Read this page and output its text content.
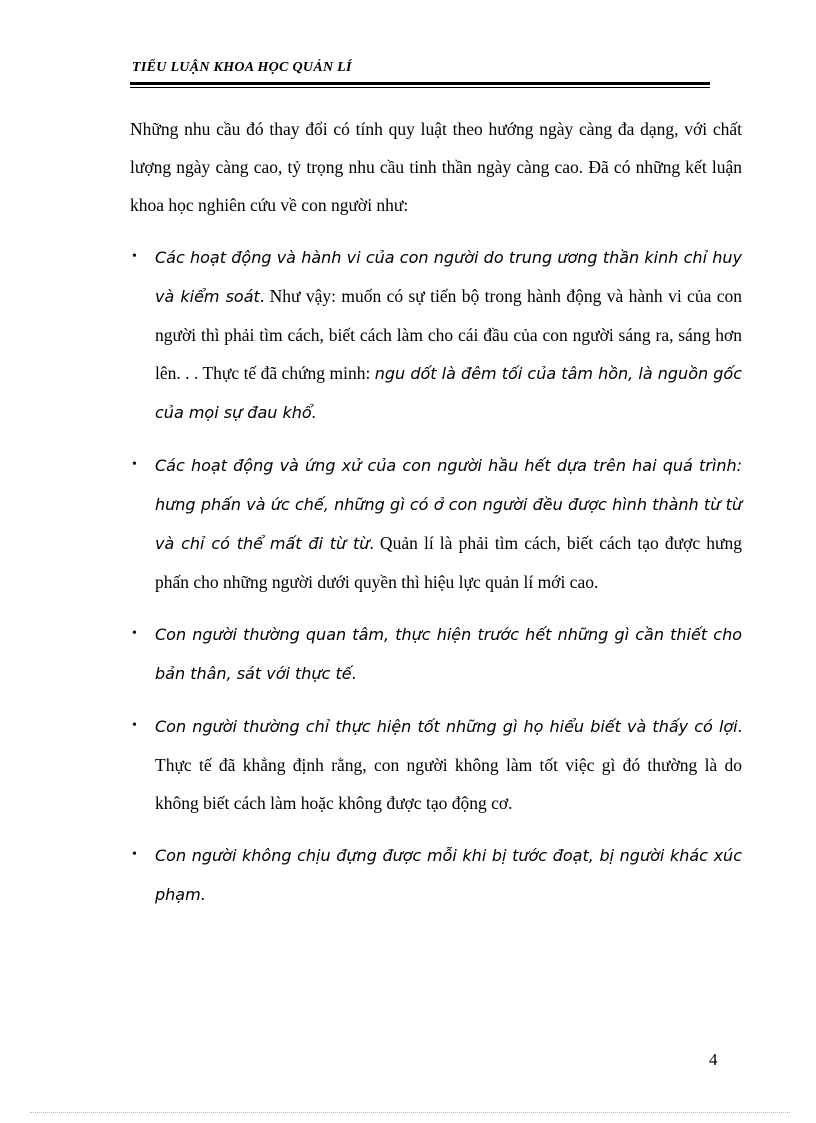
TIỂU LUẬN KHOA HỌC QUẢN LÍ

Những nhu cầu đó thay đổi có tính quy luật theo hướng ngày càng đa dạng, với chất lượng ngày càng cao, tỷ trọng nhu cầu tinh thần ngày càng cao. Đã có những kết luận khoa học nghiên cứu về con người như:

• Các hoạt động và hành vi của con người do trung ương thần kinh chỉ huy và kiểm soát. Như vậy: muốn có sự tiến bộ trong hành động và hành vi của con người thì phải tìm cách, biết cách làm cho cái đầu của con người sáng ra, sáng hơn lên. . . Thực tế đã chứng minh: ngu dốt là đêm tối của tâm hồn, là nguồn gốc của mọi sự đau khổ.
• Các hoạt động và ứng xử của con người hầu hết dựa trên hai quá trình: hưng phấn và ức chế, những gì có ở con người đều được hình thành từ từ và chỉ có thể mất đi từ từ. Quản lí là phải tìm cách, biết cách tạo được hưng phấn cho những người dưới quyền thì hiệu lực quản lí mới cao.
• Con người thường quan tâm, thực hiện trước hết những gì cần thiết cho bản thân, sát với thực tế.
• Con người thường chỉ thực hiện tốt những gì họ hiểu biết và thấy có lợi. Thực tế đã khẳng định rằng, con người không làm tốt việc gì đó thường là do không biết cách làm hoặc không được tạo động cơ.
• Con người không chịu đựng được mỗi khi bị tước đoạt, bị người khác xúc phạm.
4
